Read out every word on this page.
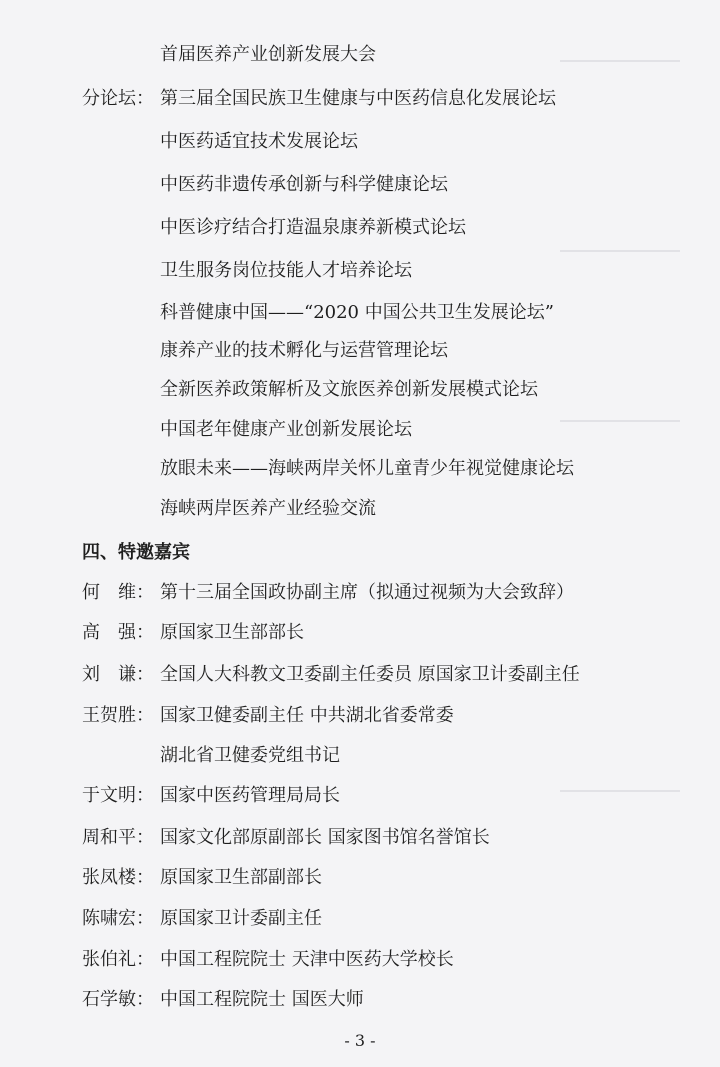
首届医养产业创新发展大会
分论坛： 第三届全国民族卫生健康与中医药信息化发展论坛
中医药适宜技术发展论坛
中医药非遗传承创新与科学健康论坛
中医诊疗结合打造温泉康养新模式论坛
卫生服务岗位技能人才培养论坛
科普健康中国——“2020 中国公共卫生发展论坛”
康养产业的技术孵化与运营管理论坛
全新医养政策解析及文旅医养创新发展模式论坛
中国老年健康产业创新发展论坛
放眼未来——海峡两岸关怀儿童青少年视觉健康论坛
海峡两岸医养产业经验交流
四、特邀嘉宾
何　维： 第十三届全国政协副主席（拟通过视频为大会致辞）
高　强： 原国家卫生部部长
刘　谦： 全国人大科教文卫委副主任委员 原国家卫计委副主任
王贺胜： 国家卫健委副主任 中共湖北省委常委
湖北省卫健委党组书记
于文明： 国家中医药管理局局长
周和平： 国家文化部原副部长 国家图书馆名誉馆长
张凤楼： 原国家卫生部副部长
陈啸宏： 原国家卫计委副主任
张伯礼： 中国工程院院士 天津中医药大学校长
石学敏： 中国工程院院士 国医大师
- 3 -
